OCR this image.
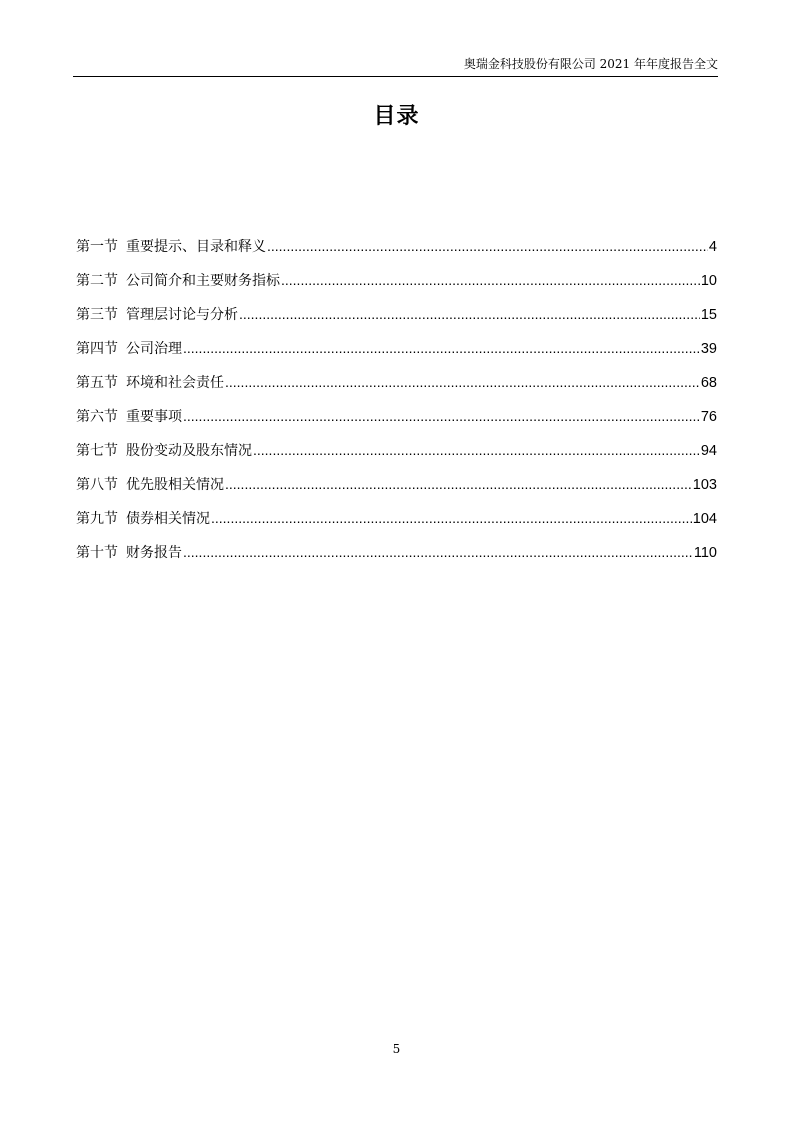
奥瑞金科技股份有限公司 2021 年年度报告全文
目录
第一节 重要提示、目录和释义 .....	4
第二节 公司简介和主要财务指标 .....	10
第三节 管理层讨论与分析 .....	15
第四节 公司治理 .....	39
第五节 环境和社会责任 .....	68
第六节 重要事项 .....	76
第七节 股份变动及股东情况 .....	94
第八节 优先股相关情况 .....	103
第九节 债券相关情况 .....	104
第十节 财务报告 .....	110
5
